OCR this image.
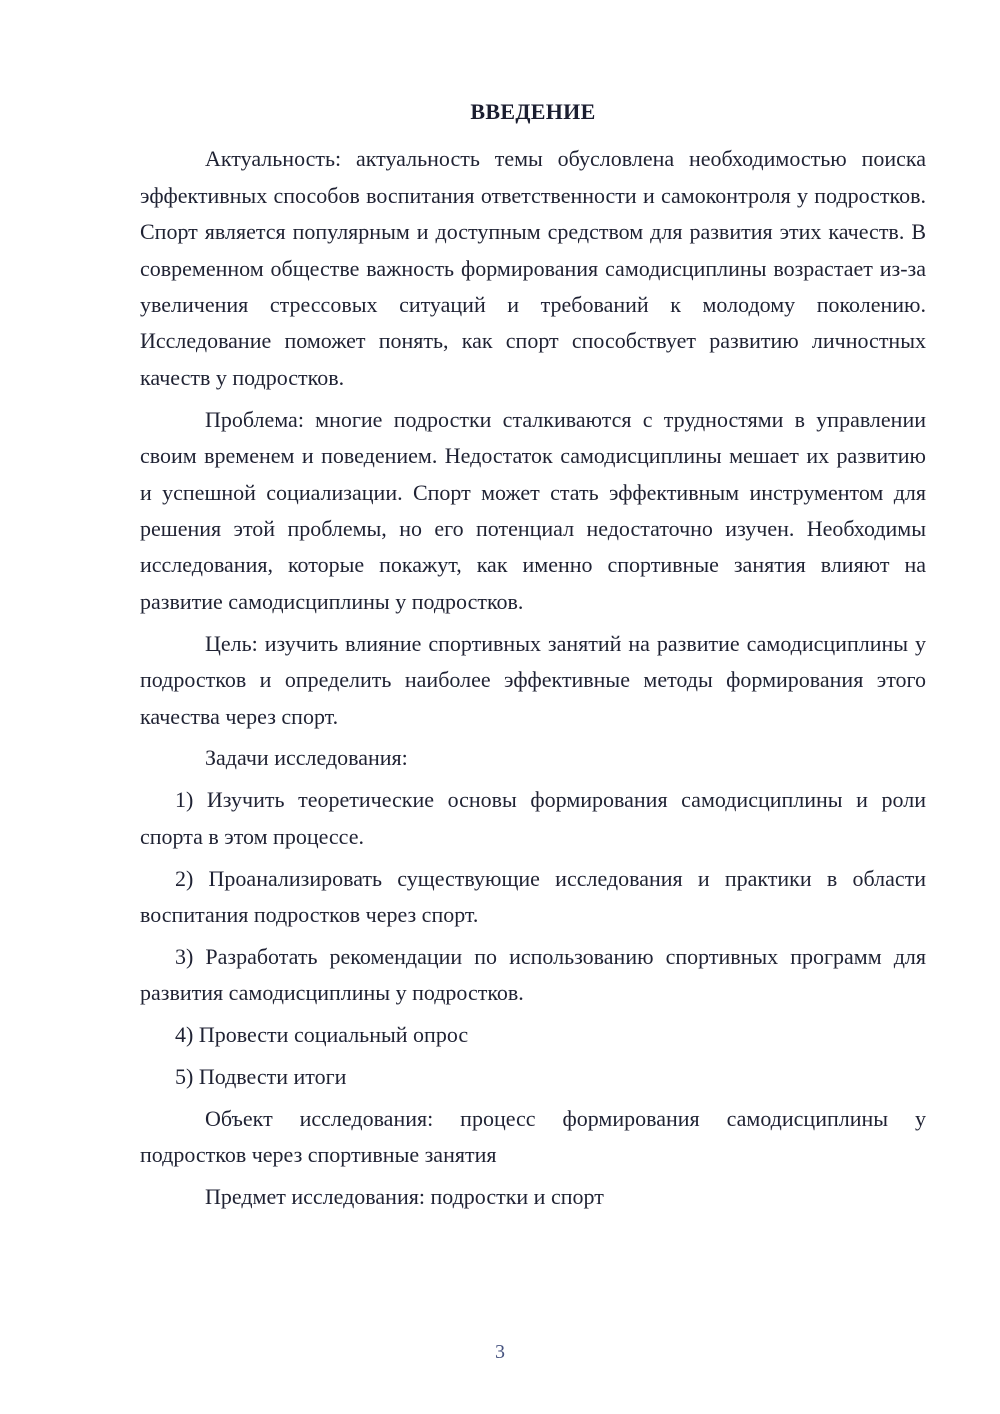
ВВЕДЕНИЕ

Актуальность: актуальность темы обусловлена необходимостью поиска эффективных способов воспитания ответственности и самоконтроля у подростков. Спорт является популярным и доступным средством для развития этих качеств. В современном обществе важность формирования самодисциплины возрастает из-за увеличения стрессовых ситуаций и требований к молодому поколению. Исследование поможет понять, как спорт способствует развитию личностных качеств у подростков.

Проблема: многие подростки сталкиваются с трудностями в управлении своим временем и поведением. Недостаток самодисциплины мешает их развитию и успешной социализации. Спорт может стать эффективным инструментом для решения этой проблемы, но его потенциал недостаточно изучен. Необходимы исследования, которые покажут, как именно спортивные занятия влияют на развитие самодисциплины у подростков.

Цель: изучить влияние спортивных занятий на развитие самодисциплины у подростков и определить наиболее эффективные методы формирования этого качества через спорт.

Задачи исследования:

1) Изучить теоретические основы формирования самодисциплины и роли спорта в этом процессе.

2) Проанализировать существующие исследования и практики в области воспитания подростков через спорт.

3) Разработать рекомендации по использованию спортивных программ для развития самодисциплины у подростков.

4) Провести социальный опрос

5) Подвести итоги

Объект исследования: процесс формирования самодисциплины у подростков через спортивные занятия

Предмет исследования: подростки и спорт

3
